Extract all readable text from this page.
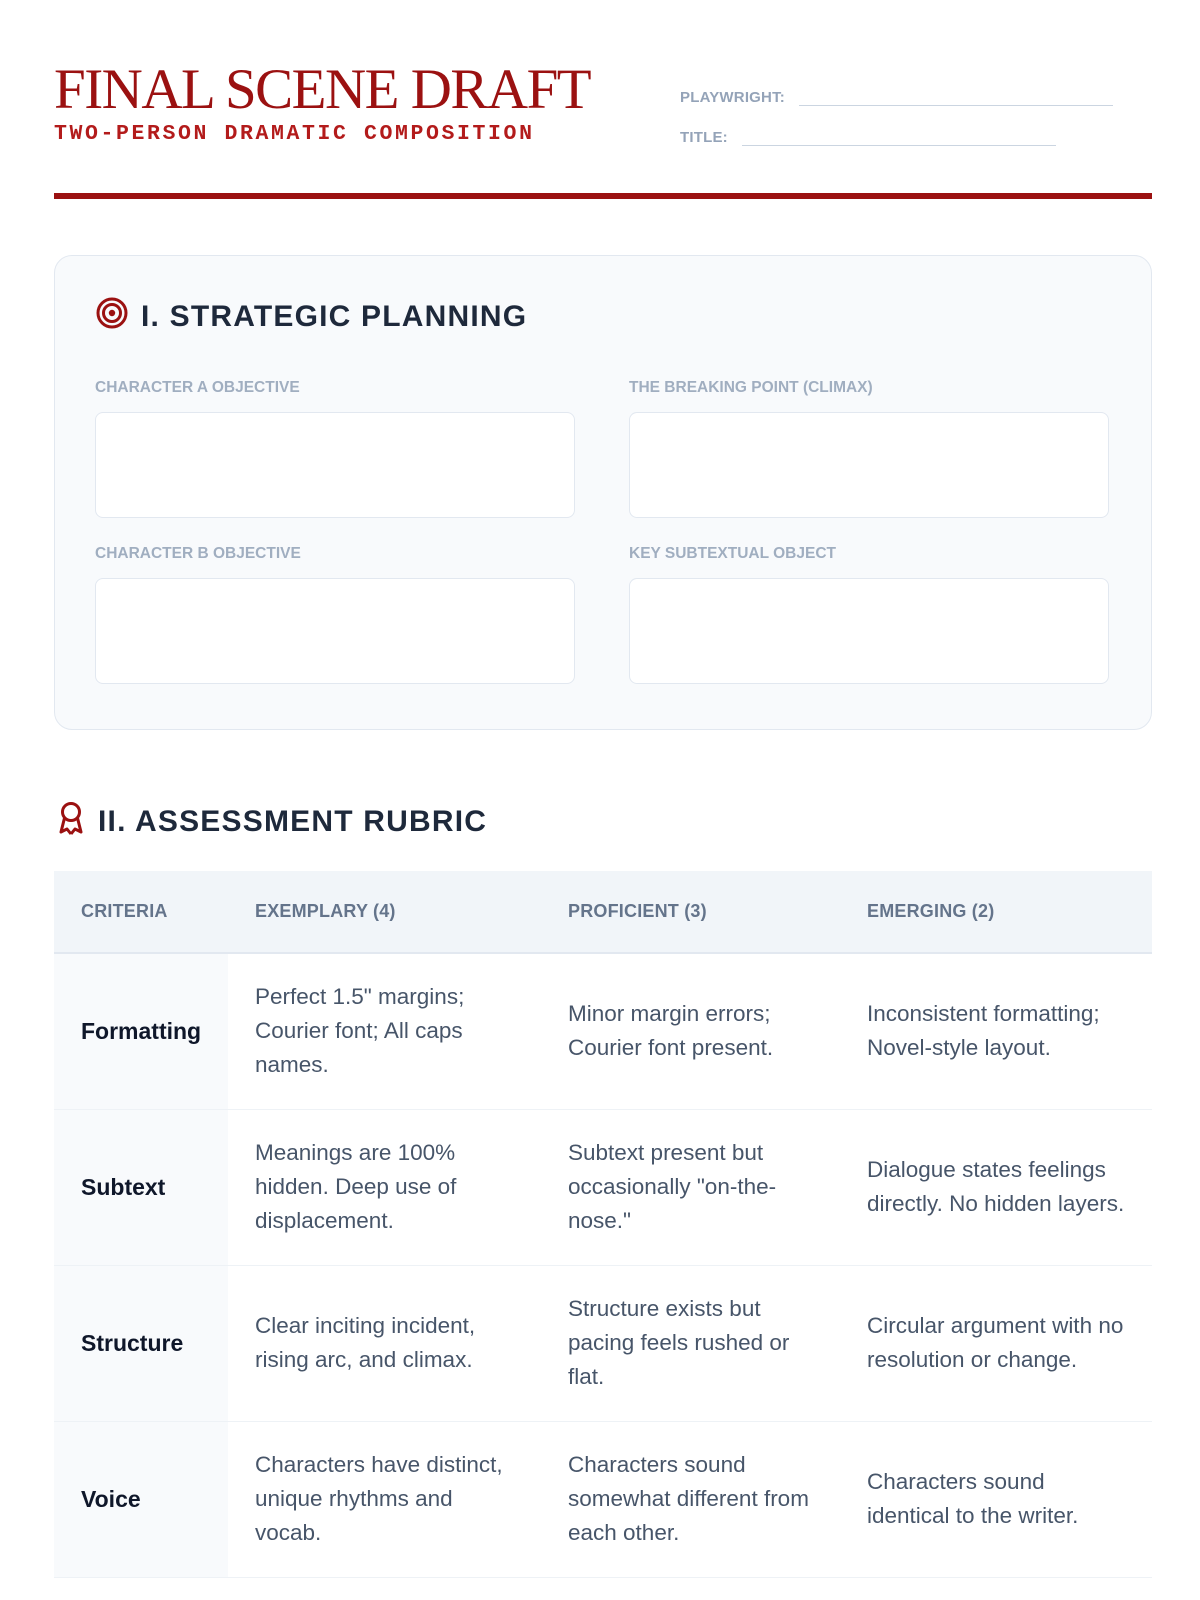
FINAL SCENE DRAFT
TWO-PERSON DRAMATIC COMPOSITION
PLAYWRIGHT:
TITLE:
I. STRATEGIC PLANNING
CHARACTER A OBJECTIVE	THE BREAKING POINT (CLIMAX)
CHARACTER B OBJECTIVE	KEY SUBTEXTUAL OBJECT
II. ASSESSMENT RUBRIC
CRITERIA	EXEMPLARY (4)	PROFICIENT (3)	EMERGING (2)
Formatting	Perfect 1.5" margins; Courier font; All caps names.	Minor margin errors; Courier font present.	Inconsistent formatting; Novel-style layout.
Subtext	Meanings are 100% hidden. Deep use of displacement.	Subtext present but occasionally "on-the-nose."	Dialogue states feelings directly. No hidden layers.
Structure	Clear inciting incident, rising arc, and climax.	Structure exists but pacing feels rushed or flat.	Circular argument with no resolution or change.
Voice	Characters have distinct, unique rhythms and vocab.	Characters sound somewhat different from each other.	Characters sound identical to the writer.
